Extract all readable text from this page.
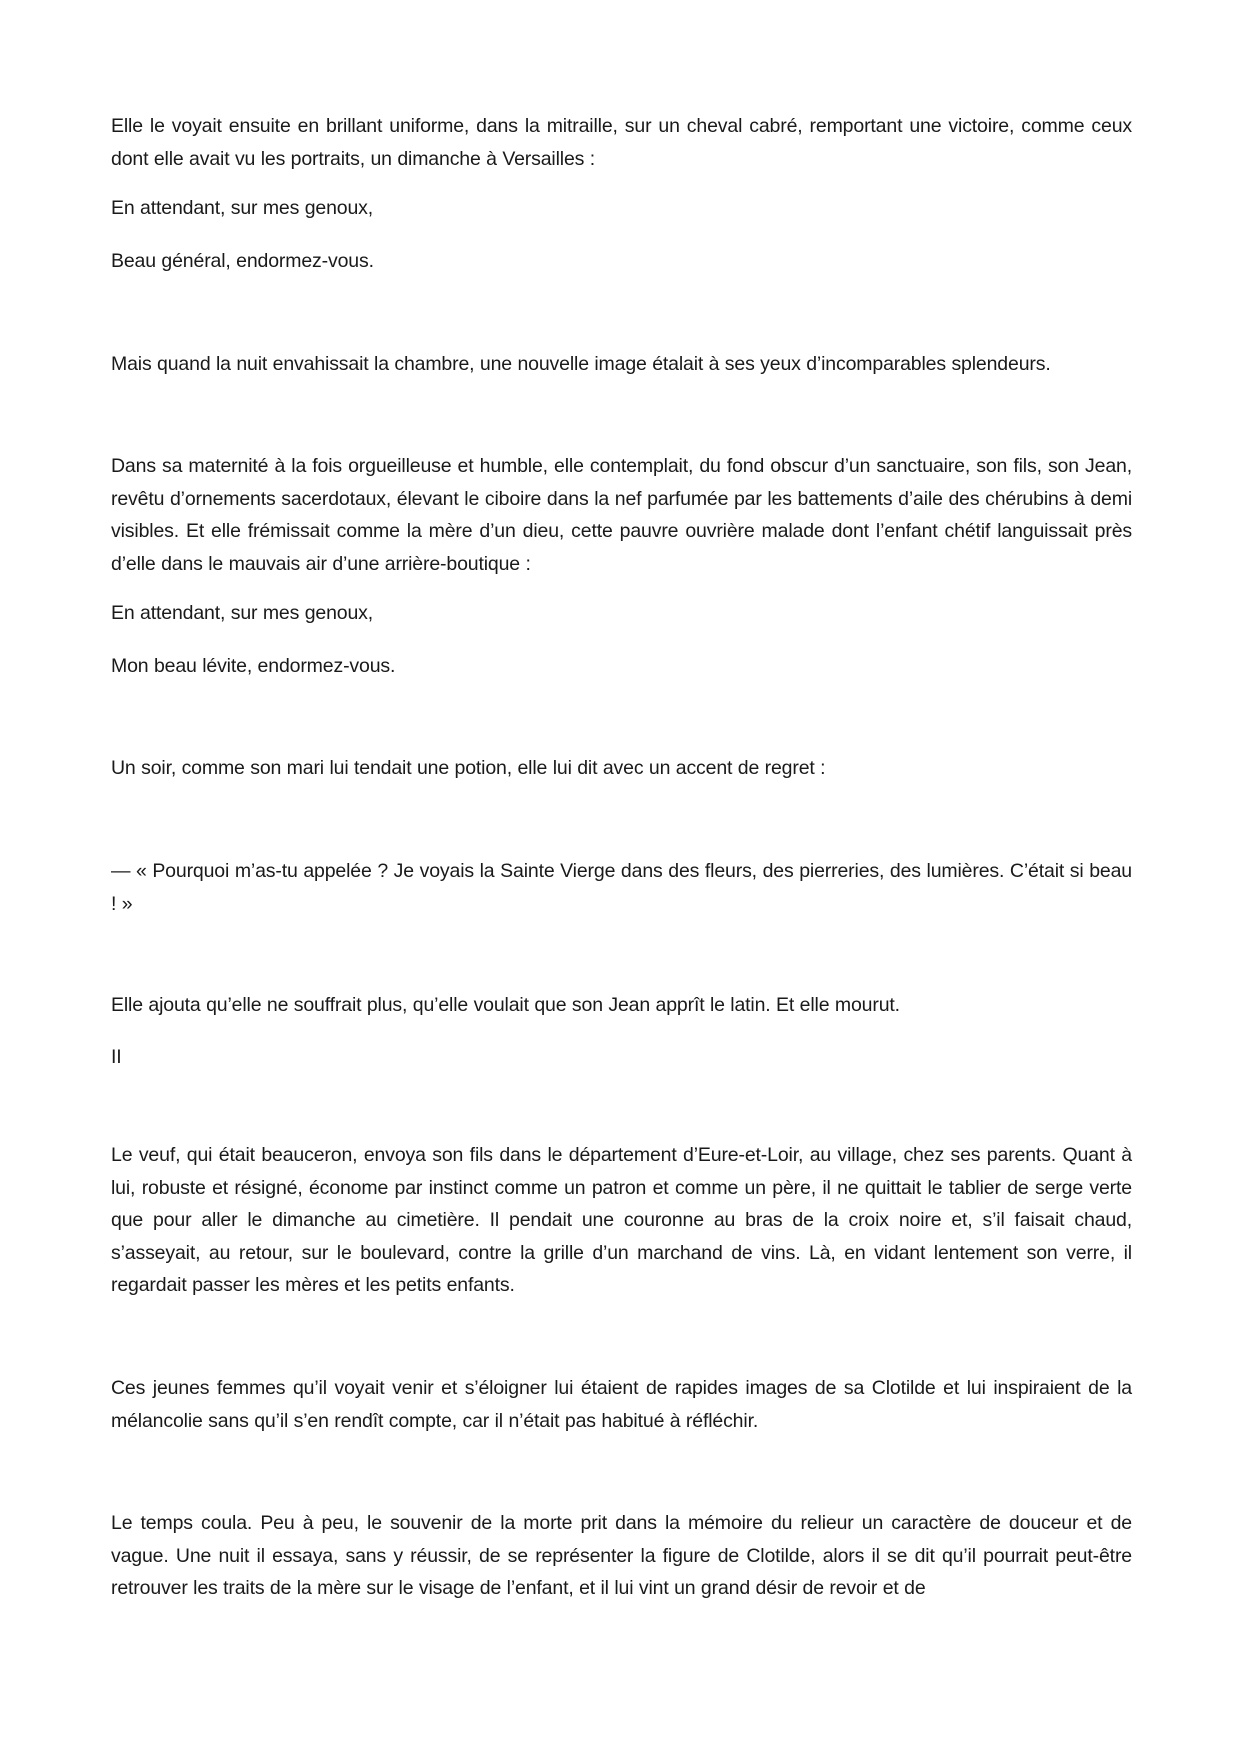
Elle le voyait ensuite en brillant uniforme, dans la mitraille, sur un cheval cabré, remportant une victoire, comme ceux dont elle avait vu les portraits, un dimanche à Versailles :

En attendant, sur mes genoux,

Beau général, endormez-vous.

Mais quand la nuit envahissait la chambre, une nouvelle image étalait à ses yeux d’incomparables splendeurs.

Dans sa maternité à la fois orgueilleuse et humble, elle contemplait, du fond obscur d’un sanctuaire, son fils, son Jean, revêtu d’ornements sacerdotaux, élevant le ciboire dans la nef parfumée par les battements d’aile des chérubins à demi visibles. Et elle frémissait comme la mère d’un dieu, cette pauvre ouvrière malade dont l’enfant chétif languissait près d’elle dans le mauvais air d’une arrière-boutique :

En attendant, sur mes genoux,

Mon beau lévite, endormez-vous.

Un soir, comme son mari lui tendait une potion, elle lui dit avec un accent de regret :

— « Pourquoi m’as-tu appelée ? Je voyais la Sainte Vierge dans des fleurs, des pierreries, des lumières. C’était si beau ! »

Elle ajouta qu’elle ne souffrait plus, qu’elle voulait que son Jean apprît le latin. Et elle mourut.

II

Le veuf, qui était beauceron, envoya son fils dans le département d’Eure-et-Loir, au village, chez ses parents. Quant à lui, robuste et résigné, économe par instinct comme un patron et comme un père, il ne quittait le tablier de serge verte que pour aller le dimanche au cimetière. Il pendait une couronne au bras de la croix noire et, s’il faisait chaud, s’asseyait, au retour, sur le boulevard, contre la grille d’un marchand de vins. Là, en vidant lentement son verre, il regardait passer les mères et les petits enfants.

Ces jeunes femmes qu’il voyait venir et s’éloigner lui étaient de rapides images de sa Clotilde et lui inspiraient de la mélancolie sans qu’il s’en rendît compte, car il n’était pas habitué à réfléchir.

Le temps coula. Peu à peu, le souvenir de la morte prit dans la mémoire du relieur un caractère de douceur et de vague. Une nuit il essaya, sans y réussir, de se représenter la figure de Clotilde, alors il se dit qu’il pourrait peut-être retrouver les traits de la mère sur le visage de l’enfant, et il lui vint un grand désir de revoir et de
